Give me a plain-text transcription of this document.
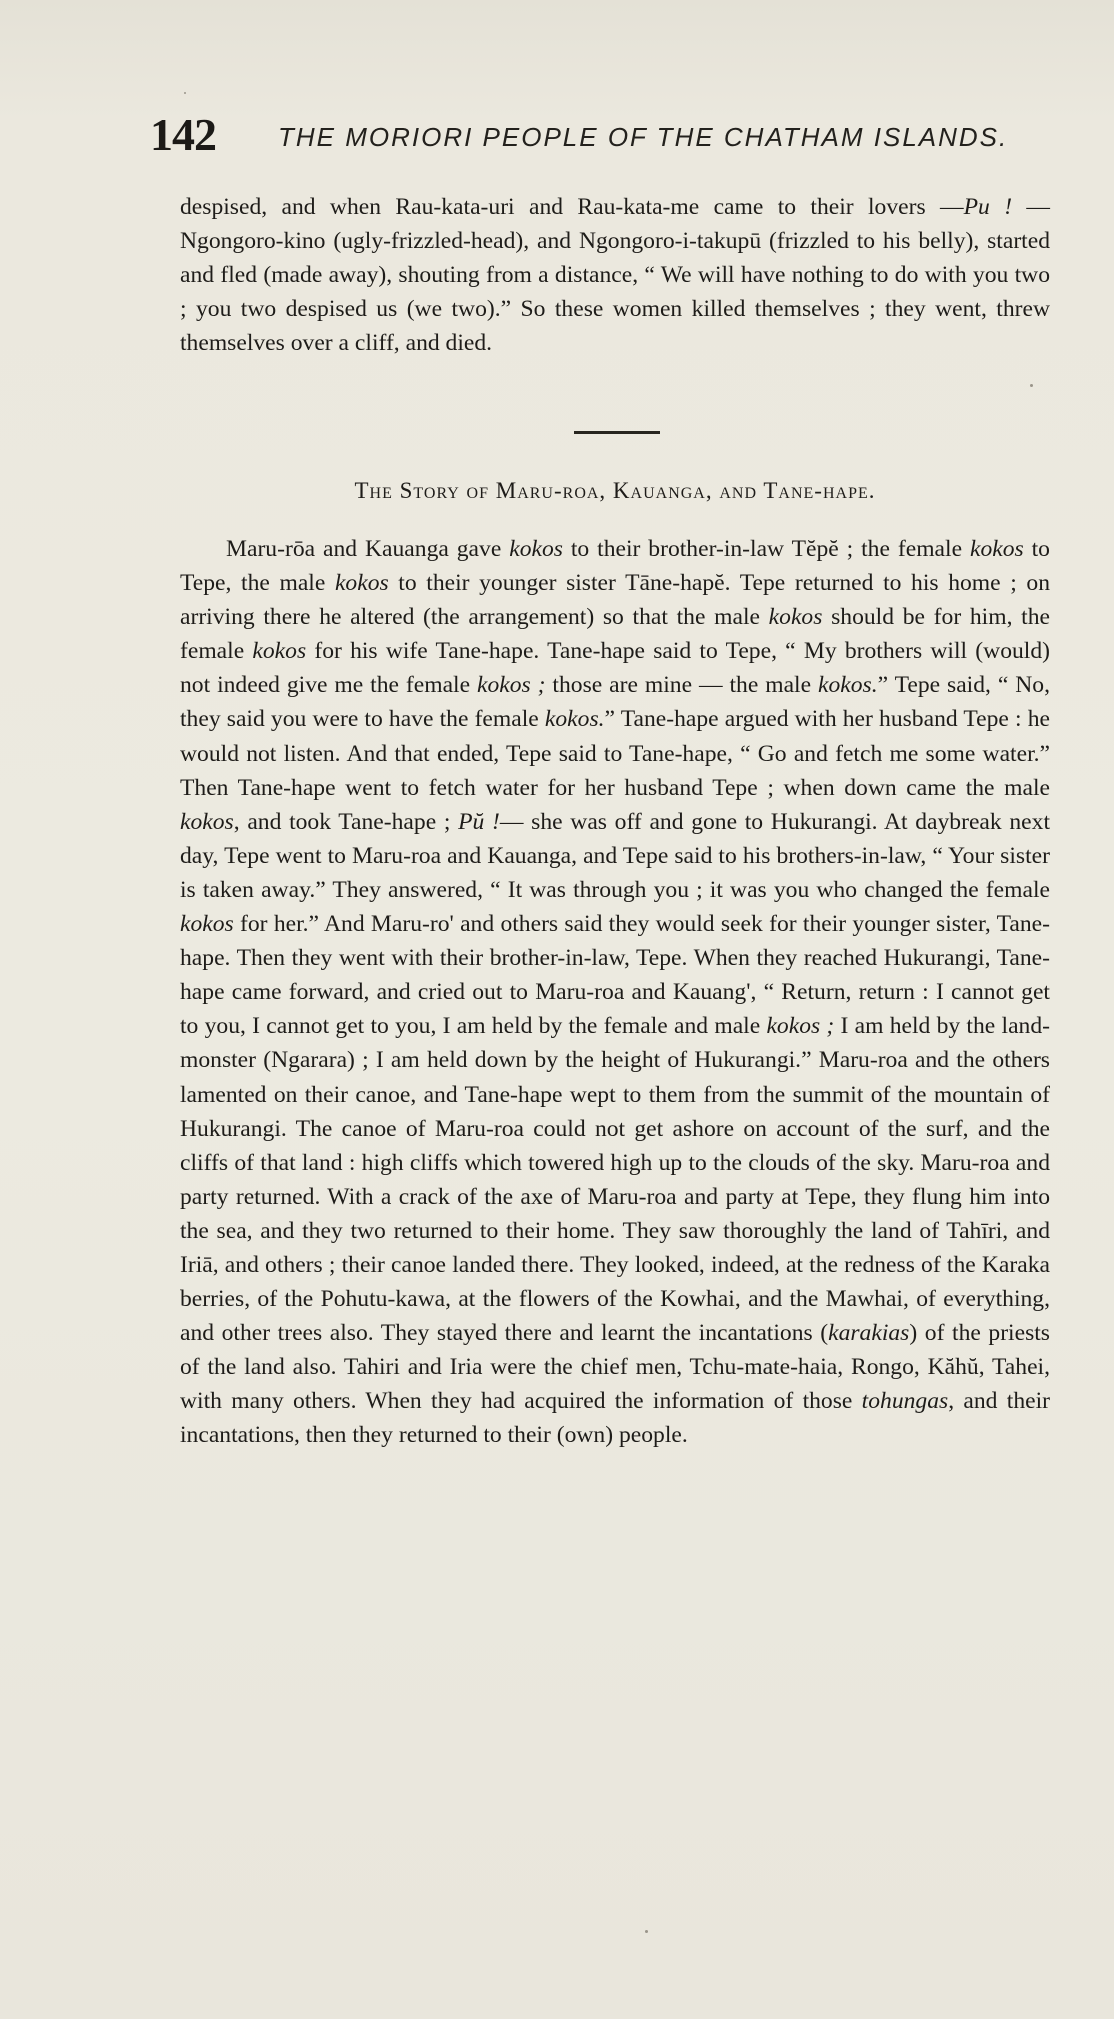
142 THE MORIORI PEOPLE OF THE CHATHAM ISLANDS.
despised, and when Rau-kata-uri and Rau-kata-me came to their lovers —Pu ! — Ngongoro-kino (ugly-frizzled-head), and Ngongoro-i-takupū (frizzled to his belly), started and fled (made away), shouting from a distance, “ We will have nothing to do with you two ; you two despised us (we two).” So these women killed themselves ; they went, threw themselves over a cliff, and died.
The Story of Maru-roa, Kauanga, and Tane-hape.

Maru-rōa and Kauanga gave kokos to their brother-in-law Tĕpĕ ; the female kokos to Tepe, the male kokos to their younger sister Tāne-hapĕ. Tepe returned to his home ; on arriving there he altered (the arrangement) so that the male kokos should be for him, the female kokos for his wife Tane-hape. Tane-hape said to Tepe, “ My brothers will (would) not indeed give me the female kokos ; those are mine — the male kokos.” Tepe said, “ No, they said you were to have the female kokos.” Tane-hape argued with her husband Tepe : he would not listen. And that ended, Tepe said to Tane-hape, “ Go and fetch me some water.” Then Tane-hape went to fetch water for her husband Tepe ; when down came the male kokos, and took Tane-hape ; Pŭ !— she was off and gone to Hukurangi. At daybreak next day, Tepe went to Maru-roa and Kauanga, and Tepe said to his brothers-in-law, “ Your sister is taken away.” They answered, “ It was through you ; it was you who changed the female kokos for her.” And Maru-ro' and others said they would seek for their younger sister, Tane-hape. Then they went with their brother-in-law, Tepe. When they reached Hukurangi, Tane-hape came forward, and cried out to Maru-roa and Kauang', “ Return, return : I cannot get to you, I cannot get to you, I am held by the female and male kokos ; I am held by the land-monster (Ngarara) ; I am held down by the height of Hukurangi.” Maru-roa and the others lamented on their canoe, and Tane-hape wept to them from the summit of the mountain of Hukurangi. The canoe of Maru-roa could not get ashore on account of the surf, and the cliffs of that land : high cliffs which towered high up to the clouds of the sky. Maru-roa and party returned. With a crack of the axe of Maru-roa and party at Tepe, they flung him into the sea, and they two returned to their home. They saw thoroughly the land of Tahīri, and Iriā, and others ; their canoe landed there. They looked, indeed, at the redness of the Karaka berries, of the Pohutu-kawa, at the flowers of the Kowhai, and the Mawhai, of everything, and other trees also. They stayed there and learnt the incantations (karakias) of the priests of the land also. Tahiri and Iria were the chief men, Tchu-mate-haia, Rongo, Kăhŭ, Tahei, with many others. When they had acquired the information of those tohungas, and their incantations, then they returned to their (own) people.
